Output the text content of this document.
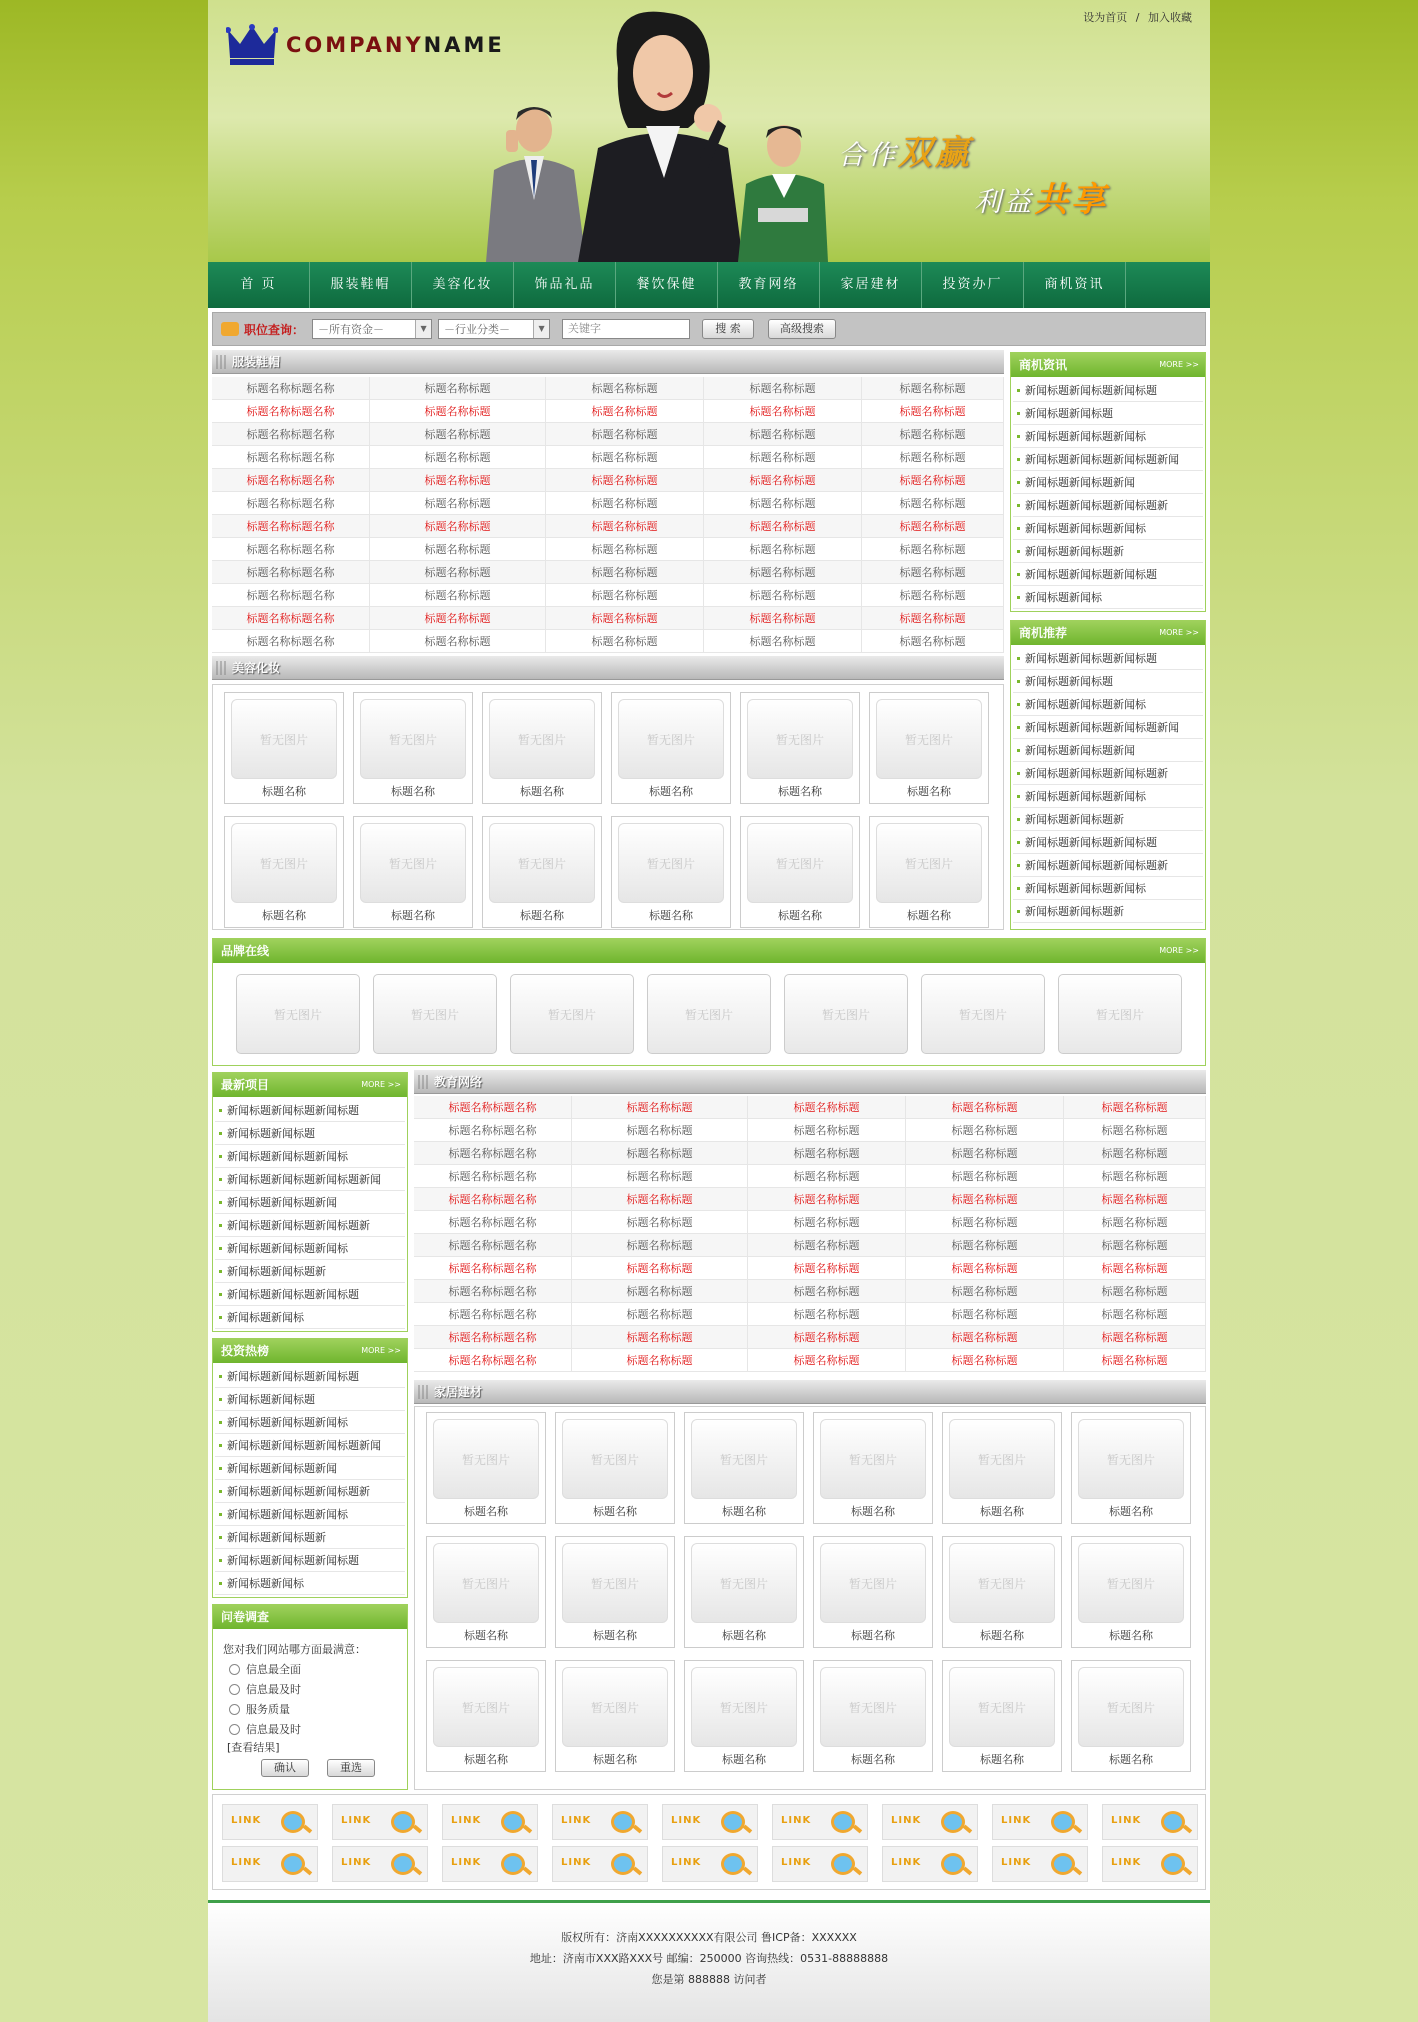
设为首页 / 加入收藏
COMPANYNAME
合作双赢
利益共享
首 页	服装鞋帽	美容化妆	饰品礼品	餐饮保健	教育网络	家居建材	投资办厂	商机资讯
职位查询： －所有资金－	▼	－行业分类－	▼	关键字	搜 索	高级搜索
服装鞋帽
标题名称标题名称	标题名称标题	标题名称标题	标题名称标题	标题名称标题
标题名称标题名称	标题名称标题	标题名称标题	标题名称标题	标题名称标题
标题名称标题名称	标题名称标题	标题名称标题	标题名称标题	标题名称标题
标题名称标题名称	标题名称标题	标题名称标题	标题名称标题	标题名称标题
标题名称标题名称	标题名称标题	标题名称标题	标题名称标题	标题名称标题
标题名称标题名称	标题名称标题	标题名称标题	标题名称标题	标题名称标题
标题名称标题名称	标题名称标题	标题名称标题	标题名称标题	标题名称标题
标题名称标题名称	标题名称标题	标题名称标题	标题名称标题	标题名称标题
标题名称标题名称	标题名称标题	标题名称标题	标题名称标题	标题名称标题
标题名称标题名称	标题名称标题	标题名称标题	标题名称标题	标题名称标题
标题名称标题名称	标题名称标题	标题名称标题	标题名称标题	标题名称标题
标题名称标题名称	标题名称标题	标题名称标题	标题名称标题	标题名称标题
美容化妆
商机资讯	MORE >>
新闻标题新闻标题新闻标题
新闻标题新闻标题
新闻标题新闻标题新闻标
新闻标题新闻标题新闻标题新闻
新闻标题新闻标题新闻
新闻标题新闻标题新闻标题新
新闻标题新闻标题新闻标
新闻标题新闻标题新
新闻标题新闻标题新闻标题
新闻标题新闻标
商机推荐	MORE >>
新闻标题新闻标题新闻标题
新闻标题新闻标题
新闻标题新闻标题新闻标
新闻标题新闻标题新闻标题新闻
新闻标题新闻标题新闻
新闻标题新闻标题新闻标题新
新闻标题新闻标题新闻标
新闻标题新闻标题新
新闻标题新闻标题新闻标题
新闻标题新闻标题新闻标题新
新闻标题新闻标题新闻标
新闻标题新闻标题新
品牌在线	MORE >>
最新项目	MORE >>
新闻标题新闻标题新闻标题
新闻标题新闻标题
新闻标题新闻标题新闻标
新闻标题新闻标题新闻标题新闻
新闻标题新闻标题新闻
新闻标题新闻标题新闻标题新
新闻标题新闻标题新闻标
新闻标题新闻标题新
新闻标题新闻标题新闻标题
新闻标题新闻标
投资热榜	MORE >>
新闻标题新闻标题新闻标题
新闻标题新闻标题
新闻标题新闻标题新闻标
新闻标题新闻标题新闻标题新闻
新闻标题新闻标题新闻
新闻标题新闻标题新闻标题新
新闻标题新闻标题新闻标
新闻标题新闻标题新
新闻标题新闻标题新闻标题
新闻标题新闻标
问卷调查
您对我们网站哪方面最满意：
[查看结果]
确认	重选
信息最全面
信息最及时
服务质量
信息最及时
教育网络
标题名称标题名称	标题名称标题	标题名称标题	标题名称标题	标题名称标题
标题名称标题名称	标题名称标题	标题名称标题	标题名称标题	标题名称标题
标题名称标题名称	标题名称标题	标题名称标题	标题名称标题	标题名称标题
标题名称标题名称	标题名称标题	标题名称标题	标题名称标题	标题名称标题
标题名称标题名称	标题名称标题	标题名称标题	标题名称标题	标题名称标题
标题名称标题名称	标题名称标题	标题名称标题	标题名称标题	标题名称标题
标题名称标题名称	标题名称标题	标题名称标题	标题名称标题	标题名称标题
标题名称标题名称	标题名称标题	标题名称标题	标题名称标题	标题名称标题
标题名称标题名称	标题名称标题	标题名称标题	标题名称标题	标题名称标题
标题名称标题名称	标题名称标题	标题名称标题	标题名称标题	标题名称标题
标题名称标题名称	标题名称标题	标题名称标题	标题名称标题	标题名称标题
标题名称标题名称	标题名称标题	标题名称标题	标题名称标题	标题名称标题
家居建材
版权所有：济南XXXXXXXXXX有限公司 鲁ICP备：XXXXXX
地址：济南市XXX路XXX号 邮编：250000 咨询热线：0531-88888888
您是第 888888 访问者
暂无图片
标题名称
暂无图片
标题名称
暂无图片
标题名称
暂无图片
标题名称
暂无图片
标题名称
暂无图片
标题名称
暂无图片
标题名称
暂无图片
标题名称
暂无图片
标题名称
暂无图片
标题名称
暂无图片
标题名称
暂无图片
标题名称
暂无图片
标题名称
暂无图片
标题名称
暂无图片
标题名称
暂无图片
标题名称
暂无图片
标题名称
暂无图片
标题名称
暂无图片
标题名称
暂无图片
标题名称
暂无图片
标题名称
暂无图片
标题名称
暂无图片
标题名称
暂无图片
标题名称
暂无图片
标题名称
暂无图片
标题名称
暂无图片
标题名称
暂无图片
标题名称
暂无图片
标题名称
暂无图片
标题名称
暂无图片	暂无图片	暂无图片	暂无图片	暂无图片	暂无图片	暂无图片
LINK	LINK	LINK	LINK	LINK	LINK	LINK	LINK	LINK
LINK	LINK	LINK	LINK	LINK	LINK	LINK	LINK	LINK
